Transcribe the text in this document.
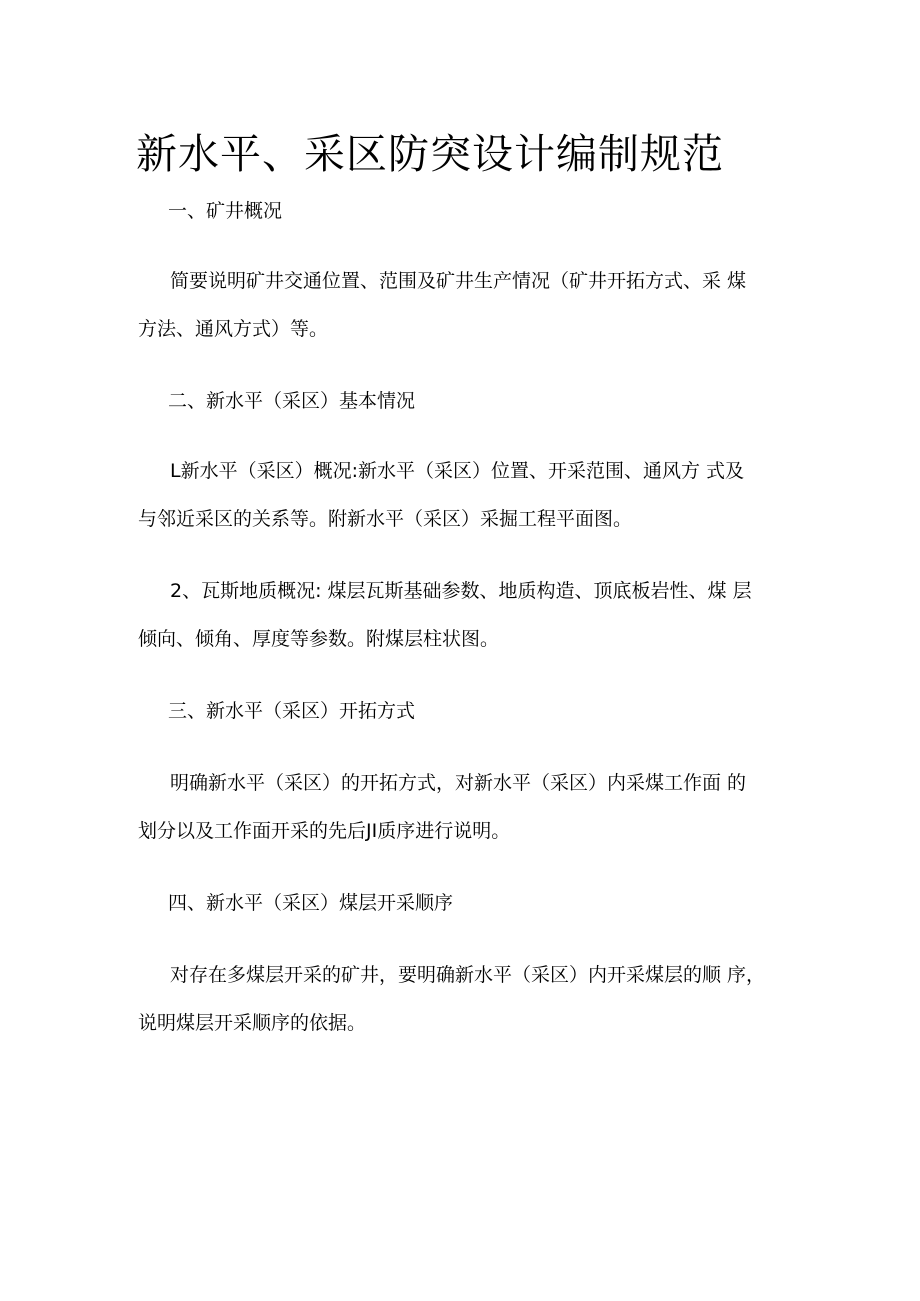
新水平、采区防突设计编制规范

一、矿井概况

简要说明矿井交通位置、范围及矿井生产情况（矿井开拓方式、采 煤
方法、通风方式）等。

二、新水平（采区）基本情况

L新水平（采区）概况:新水平（采区）位置、开采范围、通风方 式及
与邻近采区的关系等。附新水平（采区）采掘工程平面图。

2、瓦斯地质概况: 煤层瓦斯基础参数、地质构造、顶底板岩性、煤 层
倾向、倾角、厚度等参数。附煤层柱状图。

三、新水平（采区）开拓方式

明确新水平（采区）的开拓方式，对新水平（采区）内采煤工作面 的
划分以及工作面开采的先后JI质序进行说明。

四、新水平（采区）煤层开采顺序

对存在多煤层开采的矿井，要明确新水平（采区）内开采煤层的顺 序，
说明煤层开采顺序的依据。
